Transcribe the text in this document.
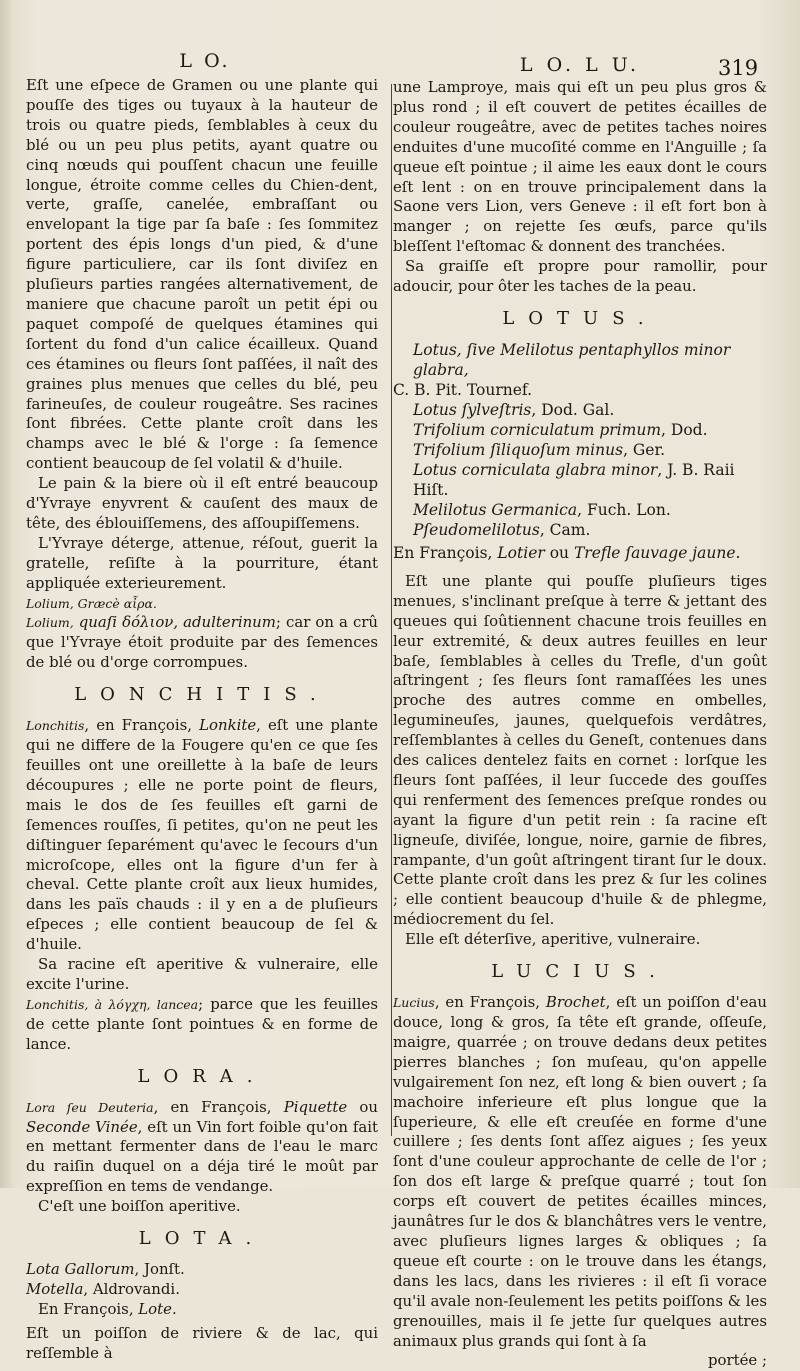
L O.	L O. L U.	319

Eſt une eſpece de Gramen ou une plante qui pouſſe des tiges ou tuyaux à la hauteur de trois ou quatre pieds, ſemblables à ceux du blé ou un peu plus petits, ayant quatre ou cinq nœuds qui pouſſent chacun une feuille longue, étroite comme celles du Chien-dent, verte, graſſe, canelée, embraſſant ou envelopant la tige par ſa baſe : ſes ſommitez portent des épis longs d'un pied, & d'une figure particuliere, car ils ſont diviſez en pluſieurs parties rangées alternativement, de maniere que chacune paroît un petit épi ou paquet compoſé de quelques étamines qui ſortent du fond d'un calice écailleux. Quand ces étamines ou fleurs ſont paſſées, il naît des graines plus menues que celles du blé, peu farineuſes, de couleur rougeâtre. Ses racines ſont fibrées. Cette plante croît dans les champs avec le blé & l'orge : ſa ſemence contient beaucoup de ſel volatil & d'huile.

Le pain & la biere où il eſt entré beaucoup d'Yvraye enyvrent & cauſent des maux de tête, des éblouiſſemens, des aſſoupiſſemens.

L'Yvraye déterge, attenue, réſout, guerit la gratelle, reſiſte à la pourriture, étant appliquée exterieurement.

Lolium, Græcè αἶρα.

Lolium, quaſi δόλιον, adulterinum; car on a crû que l'Yvraye étoit produite par des ſemences de blé ou d'orge corrompues.

LONCHITIS.

Lonchitis, en François, Lonkite, eſt une plante qui ne differe de la Fougere qu'en ce que ſes feuilles ont une oreillette à la baſe de leurs découpures ; elle ne porte point de fleurs, mais le dos de ſes feuilles eſt garni de ſemences rouſſes, ſi petites, qu'on ne peut les diſtinguer ſeparément qu'avec le ſecours d'un microſcope, elles ont la figure d'un fer à cheval. Cette plante croît aux lieux humides, dans les païs chauds : il y en a de pluſieurs eſpeces ; elle contient beaucoup de ſel & d'huile.

Sa racine eſt aperitive & vulneraire, elle excite l'urine.

Lonchitis, à λόγχη, lancea; parce que les feuilles de cette plante ſont pointues & en forme de lance.

LORA.

Lora ſeu Deuteria, en François, Piquette ou Seconde Vinée, eſt un Vin fort foible qu'on fait en mettant fermenter dans de l'eau le marc du raiſin duquel on a déja tiré le moût par expreſſion en tems de vendange.

C'eſt une boiſſon aperitive.

LOTA.

Lota Gallorum, Jonſt.

Motella, Aldrovandi.

En François, Lote.

Eſt un poiſſon de riviere & de lac, qui reſſemble à

une Lamproye, mais qui eſt un peu plus gros & plus rond ; il eſt couvert de petites écailles de couleur rougeâtre, avec de petites taches noires enduites d'une mucoſité comme en l'Anguille ; ſa queue eſt pointue ; il aime les eaux dont le cours eſt lent : on en trouve principalement dans la Saone vers Lion, vers Geneve : il eſt fort bon à manger ; on rejette ſes œufs, parce qu'ils bleſſent l'eſtomac & donnent des tranchées.

Sa graiſſe eſt propre pour ramollir, pour adoucir, pour ôter les taches de la peau.

LOTUS.
Lotus, ſive Melilotus pentaphyllos minor glabra,
C. B. Pit. Tournef.
Lotus ſylveſtris, Dod. Gal.
Trifolium corniculatum primum, Dod.
Trifolium ſiliquoſum minus, Ger.
Lotus corniculata glabra minor, J. B. Raii Hiſt.
Melilotus Germanica, Fuch. Lon.
Pſeudomelilotus, Cam.

En François, Lotier ou Trefle ſauvage jaune.

Eſt une plante qui pouſſe pluſieurs tiges menues, s'inclinant preſque à terre & jettant des queues qui ſoûtiennent chacune trois feuilles en leur extremité, & deux autres feuilles en leur baſe, ſemblables à celles du Trefle, d'un goût aſtringent ; ſes fleurs ſont ramaſſées les unes proche des autres comme en ombelles, legumineuſes, jaunes, quelquefois verdâtres, reſſemblantes à celles du Geneſt, contenues dans des calices dentelez faits en cornet : lorſque les fleurs ſont paſſées, il leur ſuccede des gouſſes qui renferment des ſemences preſque rondes ou ayant la figure d'un petit rein : ſa racine eſt ligneuſe, diviſée, longue, noire, garnie de fibres, rampante, d'un goût aſtringent tirant ſur le doux. Cette plante croît dans les prez & ſur les colines ; elle contient beaucoup d'huile & de phlegme, médiocrement du ſel.

Elle eſt déterſive, aperitive, vulneraire.

LUCIUS.

Lucius, en François, Brochet, eſt un poiſſon d'eau douce, long & gros, ſa tête eſt grande, oſſeuſe, maigre, quarrée ; on trouve dedans deux petites pierres blanches ; ſon muſeau, qu'on appelle vulgairement ſon nez, eſt long & bien ouvert ; ſa machoire inferieure eſt plus longue que la ſuperieure, & elle eſt creuſée en forme d'une cuillere ; ſes dents ſont aſſez aigues ; ſes yeux ſont d'une couleur approchante de celle de l'or ; ſon dos eſt large & preſque quarré ; tout ſon corps eſt couvert de petites écailles minces, jaunâtres ſur le dos & blanchâtres vers le ventre, avec pluſieurs lignes larges & obliques ; ſa queue eſt courte : on le trouve dans les étangs, dans les lacs, dans les rivieres : il eſt ſi vorace qu'il avale non-ſeulement les petits poiſſons & les grenouilles, mais il ſe jette ſur quelques autres animaux plus grands qui ſont à ſa

portée ;
